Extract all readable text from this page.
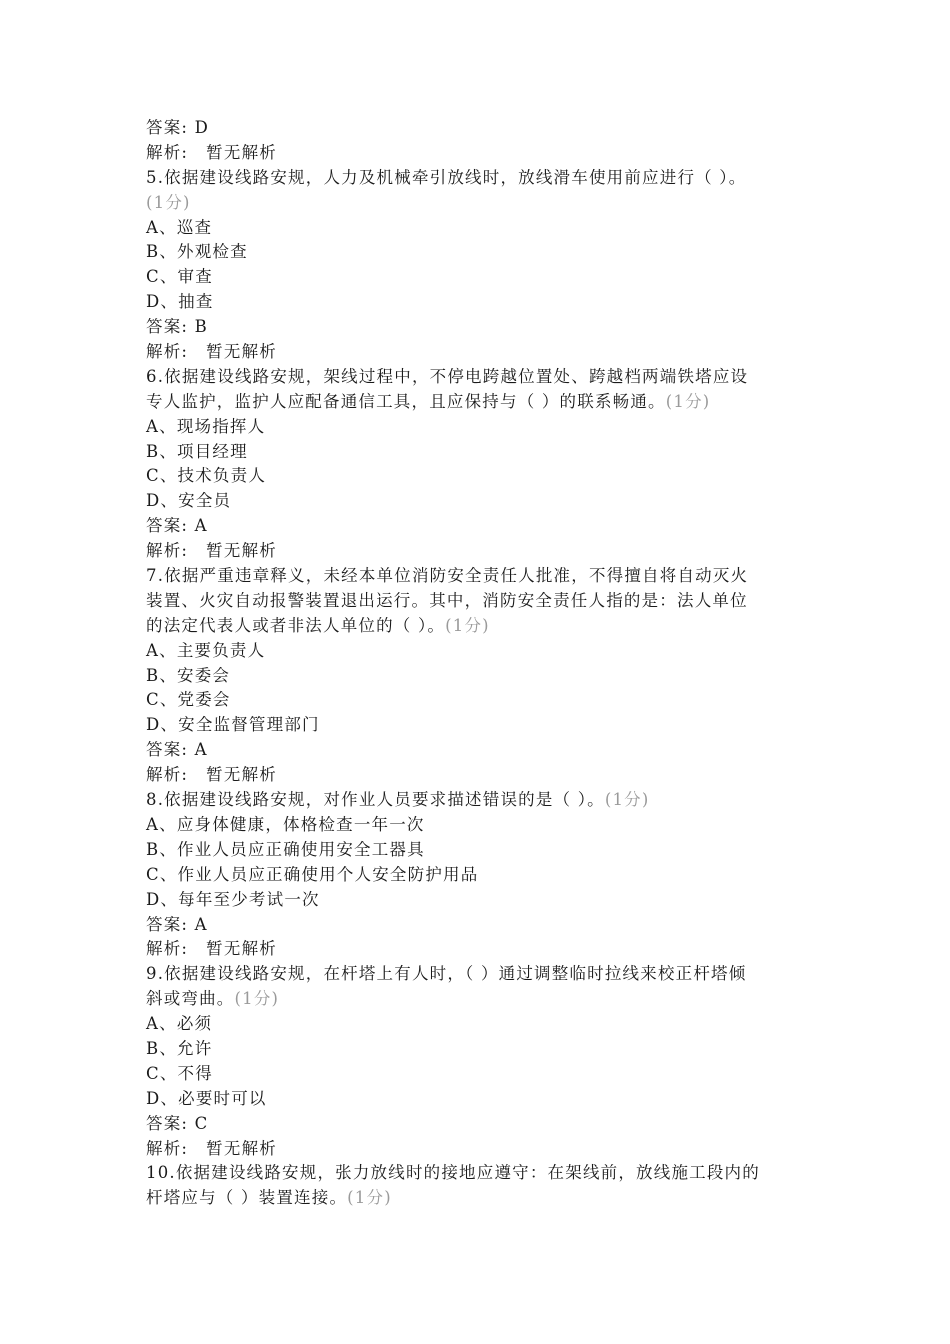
答案: D
解析: 暂无解析
5.依据建设线路安规，人力及机械牵引放线时，放线滑车使用前应进行（ ）。
(1分)
A、巡查
B、外观检查
C、审查
D、抽查
答案: B
解析: 暂无解析
6.依据建设线路安规，架线过程中，不停电跨越位置处、跨越档两端铁塔应设
专人监护，监护人应配备通信工具，且应保持与（ ）的联系畅通。(1分)
A、现场指挥人
B、项目经理
C、技术负责人
D、安全员
答案: A
解析: 暂无解析
7.依据严重违章释义，未经本单位消防安全责任人批准，不得擅自将自动灭火
装置、火灾自动报警装置退出运行。其中，消防安全责任人指的是：法人单位
的法定代表人或者非法人单位的（ ）。(1分)
A、主要负责人
B、安委会
C、党委会
D、安全监督管理部门
答案: A
解析: 暂无解析
8.依据建设线路安规，对作业人员要求描述错误的是（ ）。(1分)
A、应身体健康，体格检查一年一次
B、作业人员应正确使用安全工器具
C、作业人员应正确使用个人安全防护用品
D、每年至少考试一次
答案: A
解析: 暂无解析
9.依据建设线路安规，在杆塔上有人时，（ ）通过调整临时拉线来校正杆塔倾
斜或弯曲。(1分)
A、必须
B、允许
C、不得
D、必要时可以
答案: C
解析: 暂无解析
10.依据建设线路安规，张力放线时的接地应遵守：在架线前，放线施工段内的
杆塔应与（ ）装置连接。(1分)
